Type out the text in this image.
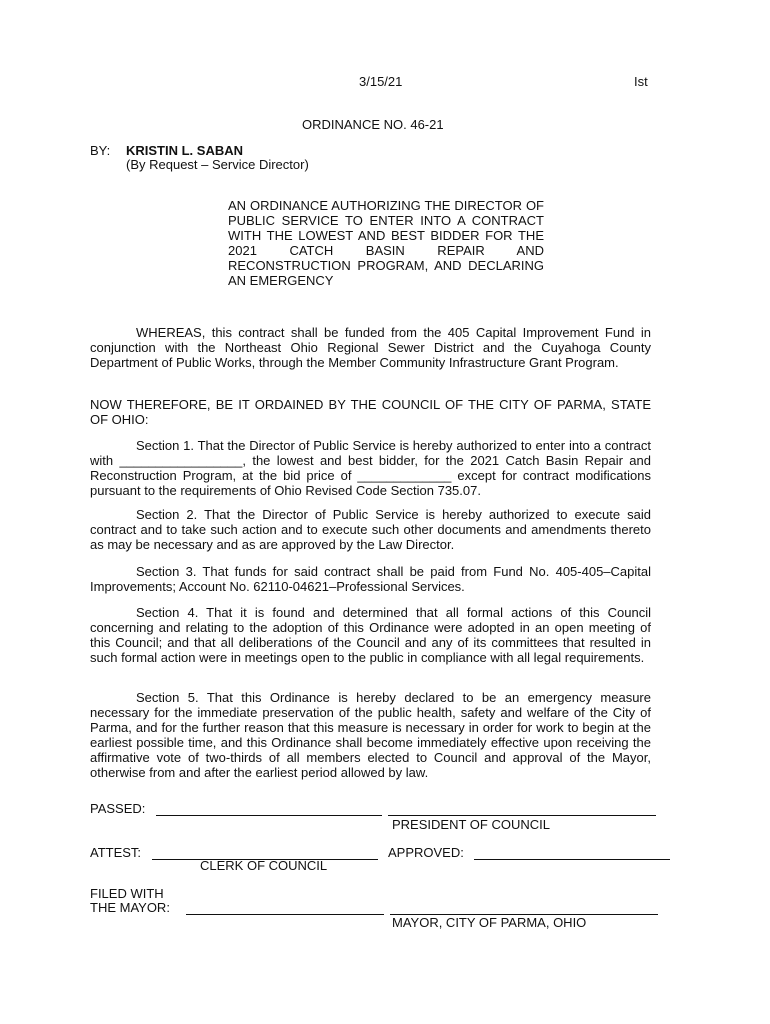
3/15/21	Ist
ORDINANCE NO. 46-21
BY: KRISTIN L. SABAN
(By Request – Service Director)
AN ORDINANCE AUTHORIZING THE DIRECTOR OF PUBLIC SERVICE TO ENTER INTO A CONTRACT WITH THE LOWEST AND BEST BIDDER FOR THE 2021 CATCH BASIN REPAIR AND RECONSTRUCTION PROGRAM, AND DECLARING AN EMERGENCY
WHEREAS, this contract shall be funded from the 405 Capital Improvement Fund in conjunction with the Northeast Ohio Regional Sewer District and the Cuyahoga County Department of Public Works, through the Member Community Infrastructure Grant Program.
NOW THEREFORE, BE IT ORDAINED BY THE COUNCIL OF THE CITY OF PARMA, STATE OF OHIO:
Section 1. That the Director of Public Service is hereby authorized to enter into a contract with _________________, the lowest and best bidder, for the 2021 Catch Basin Repair and Reconstruction Program, at the bid price of _____________ except for contract modifications pursuant to the requirements of Ohio Revised Code Section 735.07.
Section 2. That the Director of Public Service is hereby authorized to execute said contract and to take such action and to execute such other documents and amendments thereto as may be necessary and as are approved by the Law Director.
Section 3. That funds for said contract shall be paid from Fund No. 405-405–Capital Improvements; Account No. 62110-04621–Professional Services.
Section 4. That it is found and determined that all formal actions of this Council concerning and relating to the adoption of this Ordinance were adopted in an open meeting of this Council; and that all deliberations of the Council and any of its committees that resulted in such formal action were in meetings open to the public in compliance with all legal requirements.
Section 5. That this Ordinance is hereby declared to be an emergency measure necessary for the immediate preservation of the public health, safety and welfare of the City of Parma, and for the further reason that this measure is necessary in order for work to begin at the earliest possible time, and this Ordinance shall become immediately effective upon receiving the affirmative vote of two-thirds of all members elected to Council and approval of the Mayor, otherwise from and after the earliest period allowed by law.
PASSED:
PRESIDENT OF COUNCIL
ATTEST:
CLERK OF COUNCIL
APPROVED:
FILED WITH
THE MAYOR:
MAYOR, CITY OF PARMA, OHIO
